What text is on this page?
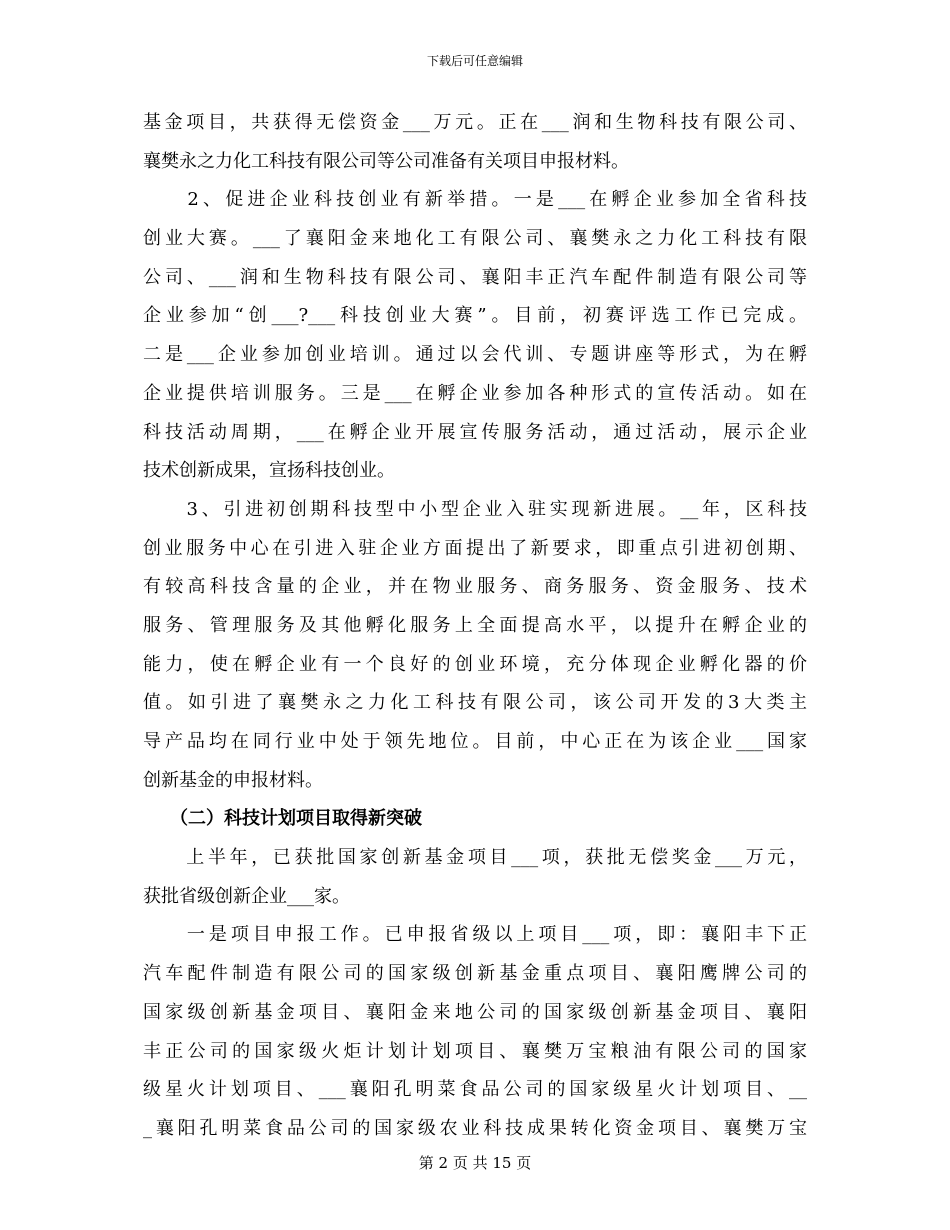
下载后可任意编辑
基金项目，共获得无偿资金___万元。正在___润和生物科技有限公司、
襄樊永之力化工科技有限公司等公司准备有关项目申报材料。
　　2、促进企业科技创业有新举措。一是___在孵企业参加全省科技
创业大赛。___了襄阳金来地化工有限公司、襄樊永之力化工科技有限
公司、___润和生物科技有限公司、襄阳丰正汽车配件制造有限公司等
企业参加“创___?___科技创业大赛”。目前，初赛评选工作已完成。
二是___企业参加创业培训。通过以会代训、专题讲座等形式，为在孵
企业提供培训服务。三是___在孵企业参加各种形式的宣传活动。如在
科技活动周期，___在孵企业开展宣传服务活动，通过活动，展示企业
技术创新成果，宣扬科技创业。
　　3、引进初创期科技型中小型企业入驻实现新进展。__年，区科技
创业服务中心在引进入驻企业方面提出了新要求，即重点引进初创期、
有较高科技含量的企业，并在物业服务、商务服务、资金服务、技术
服务、管理服务及其他孵化服务上全面提高水平，以提升在孵企业的
能力，使在孵企业有一个良好的创业环境，充分体现企业孵化器的价
值。如引进了襄樊永之力化工科技有限公司，该公司开发的3大类主
导产品均在同行业中处于领先地位。目前，中心正在为该企业___国家
创新基金的申报材料。
　　（二）科技计划项目取得新突破
　　上半年，已获批国家创新基金项目___项，获批无偿奖金___万元，
获批省级创新企业___家。
　　一是项目申报工作。已申报省级以上项目___项，即：襄阳丰下正
汽车配件制造有限公司的国家级创新基金重点项目、襄阳鹰牌公司的
国家级创新基金项目、襄阳金来地公司的国家级创新基金项目、襄阳
丰正公司的国家级火炬计划计划项目、襄樊万宝粮油有限公司的国家
级星火计划项目、___襄阳孔明菜食品公司的国家级星火计划项目、__
_襄阳孔明菜食品公司的国家级农业科技成果转化资金项目、襄樊万宝
第 2 页 共 15 页
